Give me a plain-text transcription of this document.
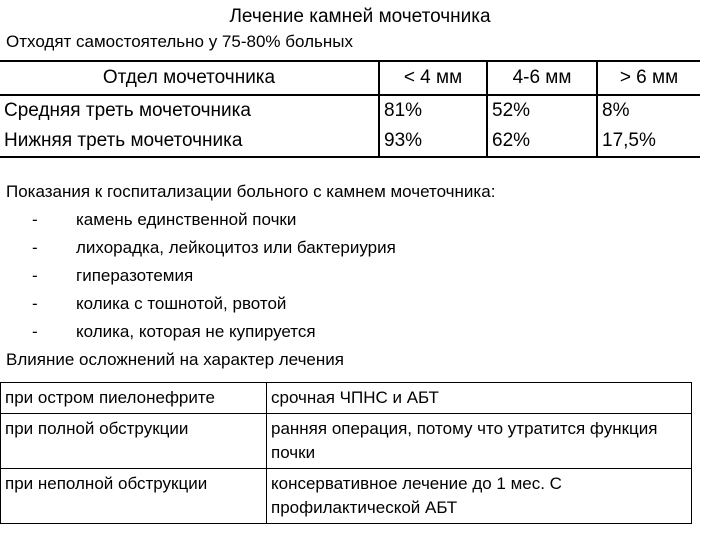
Лечение камней мочеточника
Отходят самостоятельно у 75-80% больных
Отдел мочеточника	< 4 мм	4-6 мм	> 6 мм
Средняя треть мочеточника	81%	52%	8%
Нижняя треть мочеточника	93%	62%	17,5%
Показания к госпитализации больного с камнем мочеточника:
- камень единственной почки
- лихорадка, лейкоцитоз или бактериурия
- гиперазотемия
- колика с тошнотой, рвотой
- колика, которая не купируется
Влияние осложнений на характер лечения
при остром пиелонефрите	срочная ЧПНС и АБТ
при полной обструкции	ранняя операция, потому что утратится функция почки
при неполной обструкции	консервативное лечение до 1 мес. С профилактической АБТ
